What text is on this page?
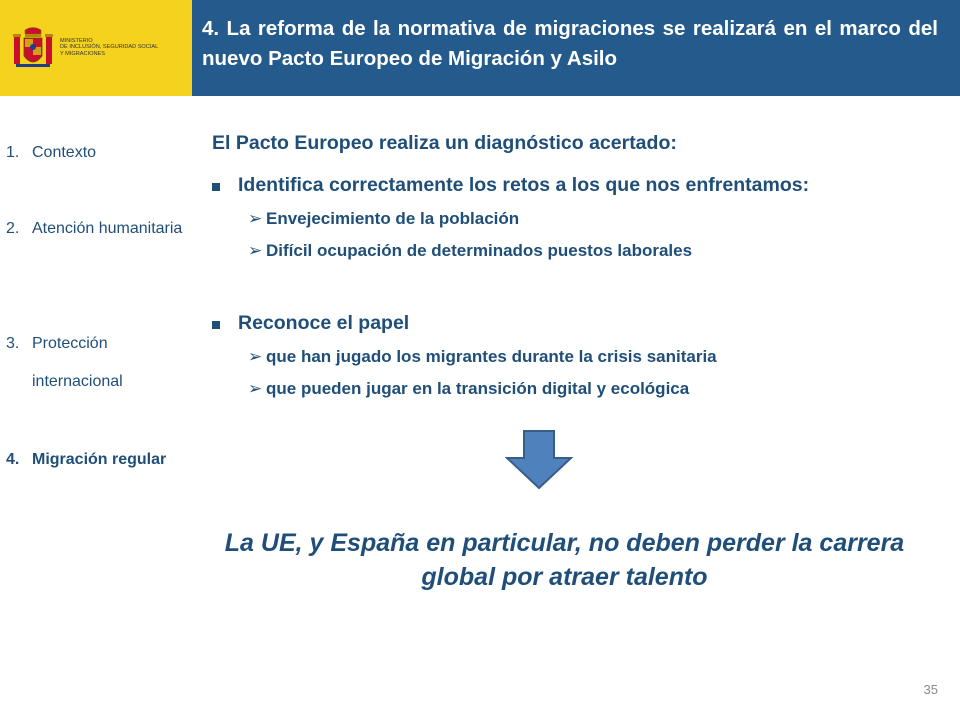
MINISTERIO
DE INCLUSIÓN, SEGURIDAD SOCIAL
Y MIGRACIONES
4. La reforma de la normativa de migraciones se realizará en el marco del nuevo Pacto Europeo de Migración y Asilo
1. Contexto
2. Atención humanitaria
3. Protección internacional
4. Migración regular
El Pacto Europeo realiza un diagnóstico acertado:
Identifica correctamente los retos a los que nos enfrentamos:
➢ Envejecimiento de la población
➢ Difícil ocupación de determinados puestos laborales
Reconoce el papel
➢ que han jugado los migrantes durante la crisis sanitaria
➢ que pueden jugar en la transición digital y ecológica
La UE, y España en particular, no deben perder la carrera global por atraer talento
35
